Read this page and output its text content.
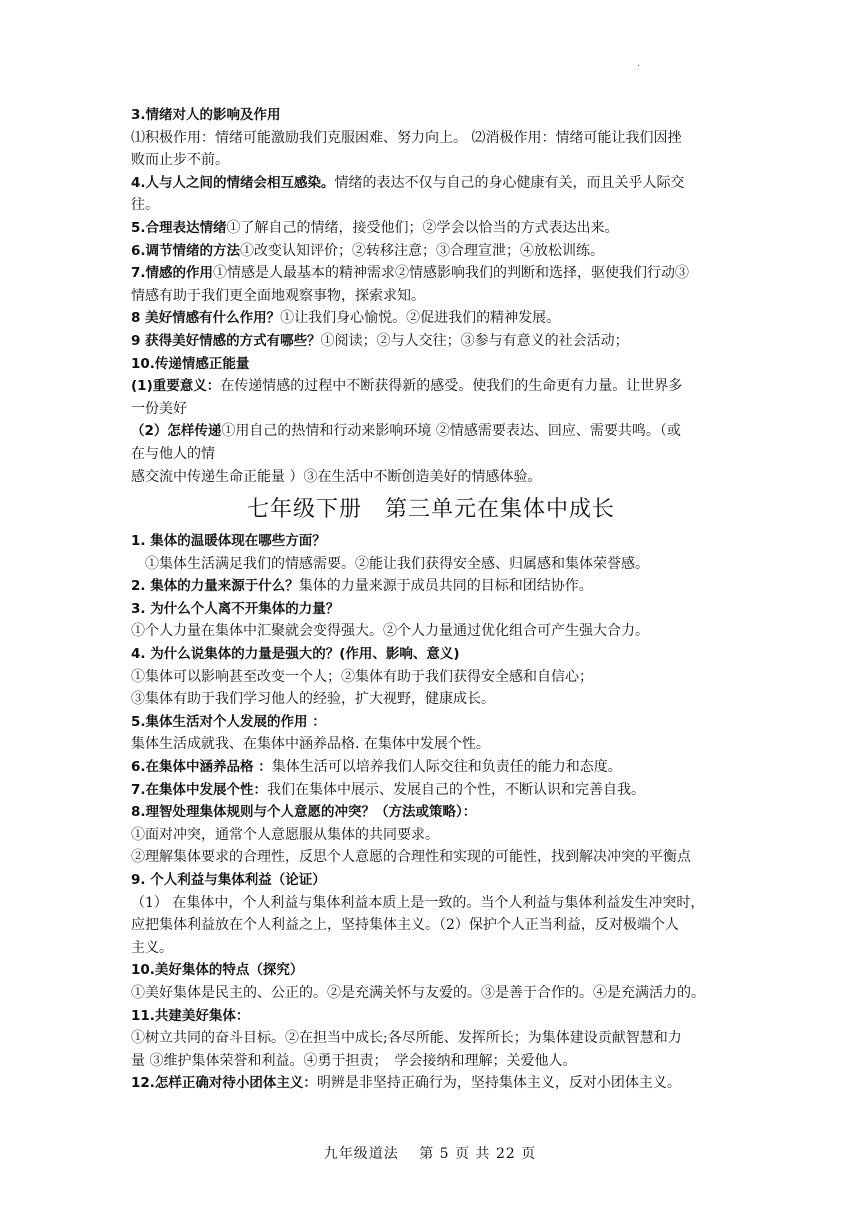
.
3.情绪对人的影响及作用
⑴积极作用：情绪可能激励我们克服困难、努力向上。 ⑵消极作用：情绪可能让我们因挫
败而止步不前。
4.人与人之间的情绪会相互感染。情绪的表达不仅与自己的身心健康有关，而且关乎人际交
往。
5.合理表达情绪①了解自己的情绪，接受他们；②学会以恰当的方式表达出来。
6.调节情绪的方法①改变认知评价；②转移注意；③合理宣泄；④放松训练。
7.情感的作用①情感是人最基本的精神需求②情感影响我们的判断和选择，驱使我们行动③
情感有助于我们更全面地观察事物，探索求知。
8 美好情感有什么作用？①让我们身心愉悦。②促进我们的精神发展。
9 获得美好情感的方式有哪些？①阅读；②与人交往；③参与有意义的社会活动；
10.传递情感正能量
(1)重要意义：在传递情感的过程中不断获得新的感受。使我们的生命更有力量。让世界多
一份美好
（2）怎样传递①用自己的热情和行动来影响环境 ②情感需要表达、回应、需要共鸣。（或
在与他人的情
感交流中传递生命正能量 ）③在生活中不断创造美好的情感体验。
七年级下册　第三单元在集体中成长
1. 集体的温暖体现在哪些方面？
①集体生活满足我们的情感需要。②能让我们获得安全感、归属感和集体荣誉感。
2. 集体的力量来源于什么？集体的力量来源于成员共同的目标和团结协作。
3. 为什么个人离不开集体的力量？
①个人力量在集体中汇聚就会变得强大。②个人力量通过优化组合可产生强大合力。
4. 为什么说集体的力量是强大的？(作用、影响、意义)
①集体可以影响甚至改变一个人；②集体有助于我们获得安全感和自信心；
③集体有助于我们学习他人的经验，扩大视野，健康成长。
5.集体生活对个人发展的作用 ：
集体生活成就我、在集体中涵养品格. 在集体中发展个性。
6.在集体中涵养品格 ：集体生活可以培养我们人际交往和负责任的能力和态度。
7.在集体中发展个性：我们在集体中展示、发展自己的个性，不断认识和完善自我。
8.理智处理集体规则与个人意愿的冲突？（方法或策略）：
①面对冲突，通常个人意愿服从集体的共同要求。
②理解集体要求的合理性，反思个人意愿的合理性和实现的可能性，找到解决冲突的平衡点
9. 个人利益与集体利益（论证）
（1） 在集体中，个人利益与集体利益本质上是一致的。当个人利益与集体利益发生冲突时，
应把集体利益放在个人利益之上，坚持集体主义。（2）保护个人正当利益，反对极端个人
主义。
10.美好集体的特点（探究）
①美好集体是民主的、公正的。②是充满关怀与友爱的。③是善于合作的。④是充满活力的。
11.共建美好集体：
①树立共同的奋斗目标。②在担当中成长;各尽所能、发挥所长；为集体建设贡献智慧和力
量 ③维护集体荣誉和利益。④勇于担责；　学会接纳和理解；关爱他人。
12.怎样正确对待小团体主义：明辨是非坚持正确行为，坚持集体主义，反对小团体主义。
九年级道法　 第 5 页 共 22 页
